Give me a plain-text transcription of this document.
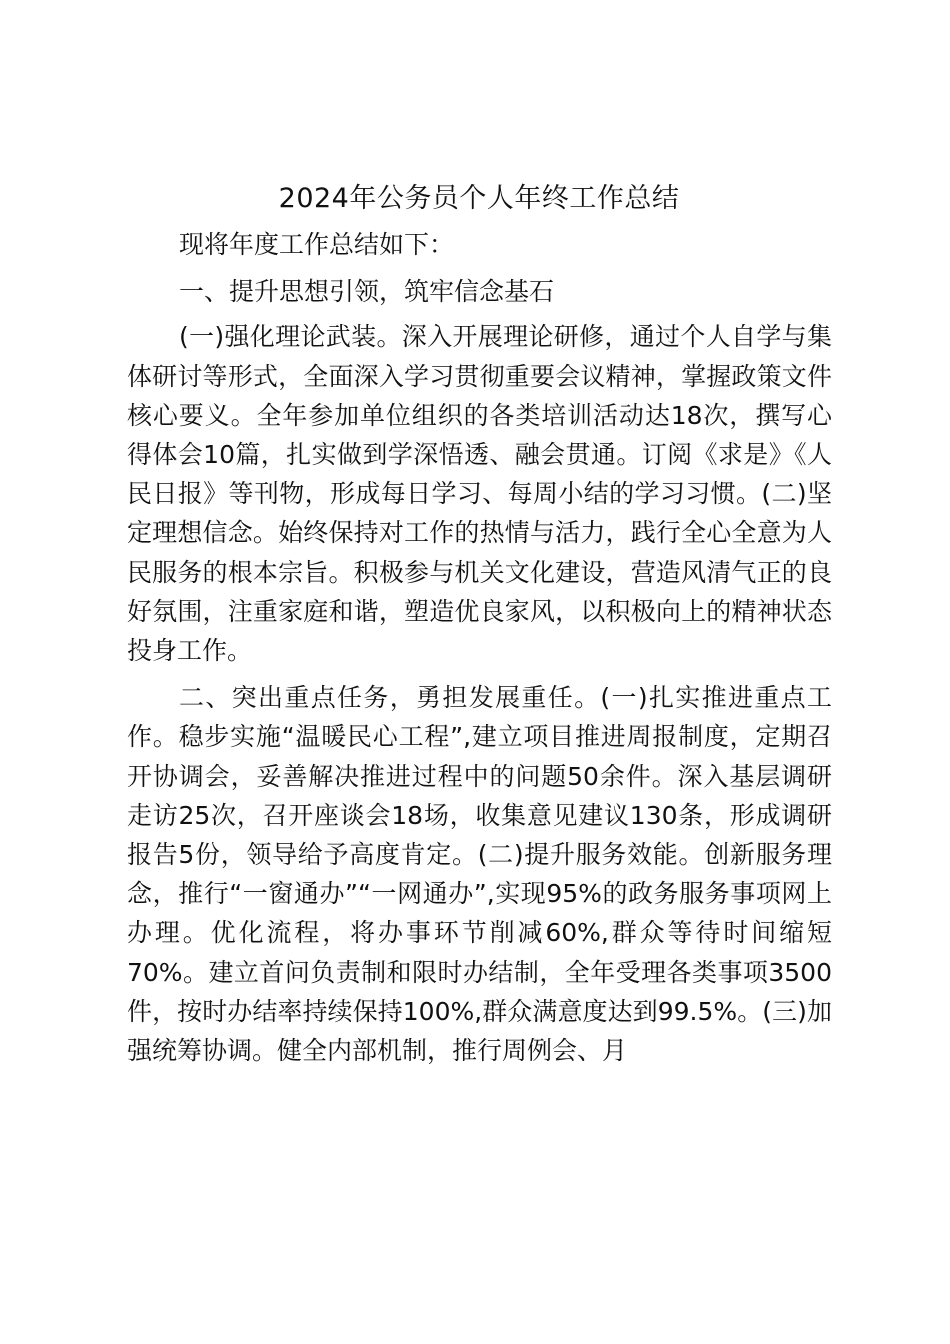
2024年公务员个人年终工作总结

现将年度工作总结如下：

一、提升思想引领，筑牢信念基石

(一)强化理论武装。深入开展理论研修，通过个人自学与集体研讨等形式，全面深入学习贯彻重要会议精神，掌握政策文件核心要义。全年参加单位组织的各类培训活动达18次，撰写心得体会10篇，扎实做到学深悟透、融会贯通。订阅《求是》《人民日报》等刊物，形成每日学习、每周小结的学习习惯。(二)坚定理想信念。始终保持对工作的热情与活力，践行全心全意为人民服务的根本宗旨。积极参与机关文化建设，营造风清气正的良好氛围，注重家庭和谐，塑造优良家风，以积极向上的精神状态投身工作。

二、突出重点任务，勇担发展重任。(一)扎实推进重点工作。稳步实施“温暖民心工程”,建立项目推进周报制度，定期召开协调会，妥善解决推进过程中的问题50余件。深入基层调研走访25次，召开座谈会18场，收集意见建议130条，形成调研报告5份，领导给予高度肯定。(二)提升服务效能。创新服务理念，推行“一窗通办”“一网通办”,实现95%的政务服务事项网上办理。优化流程，将办事环节削减60%,群众等待时间缩短70%。建立首问负责制和限时办结制，全年受理各类事项3500件，按时办结率持续保持100%,群众满意度达到99.5%。(三)加强统筹协调。健全内部机制，推行周例会、月
